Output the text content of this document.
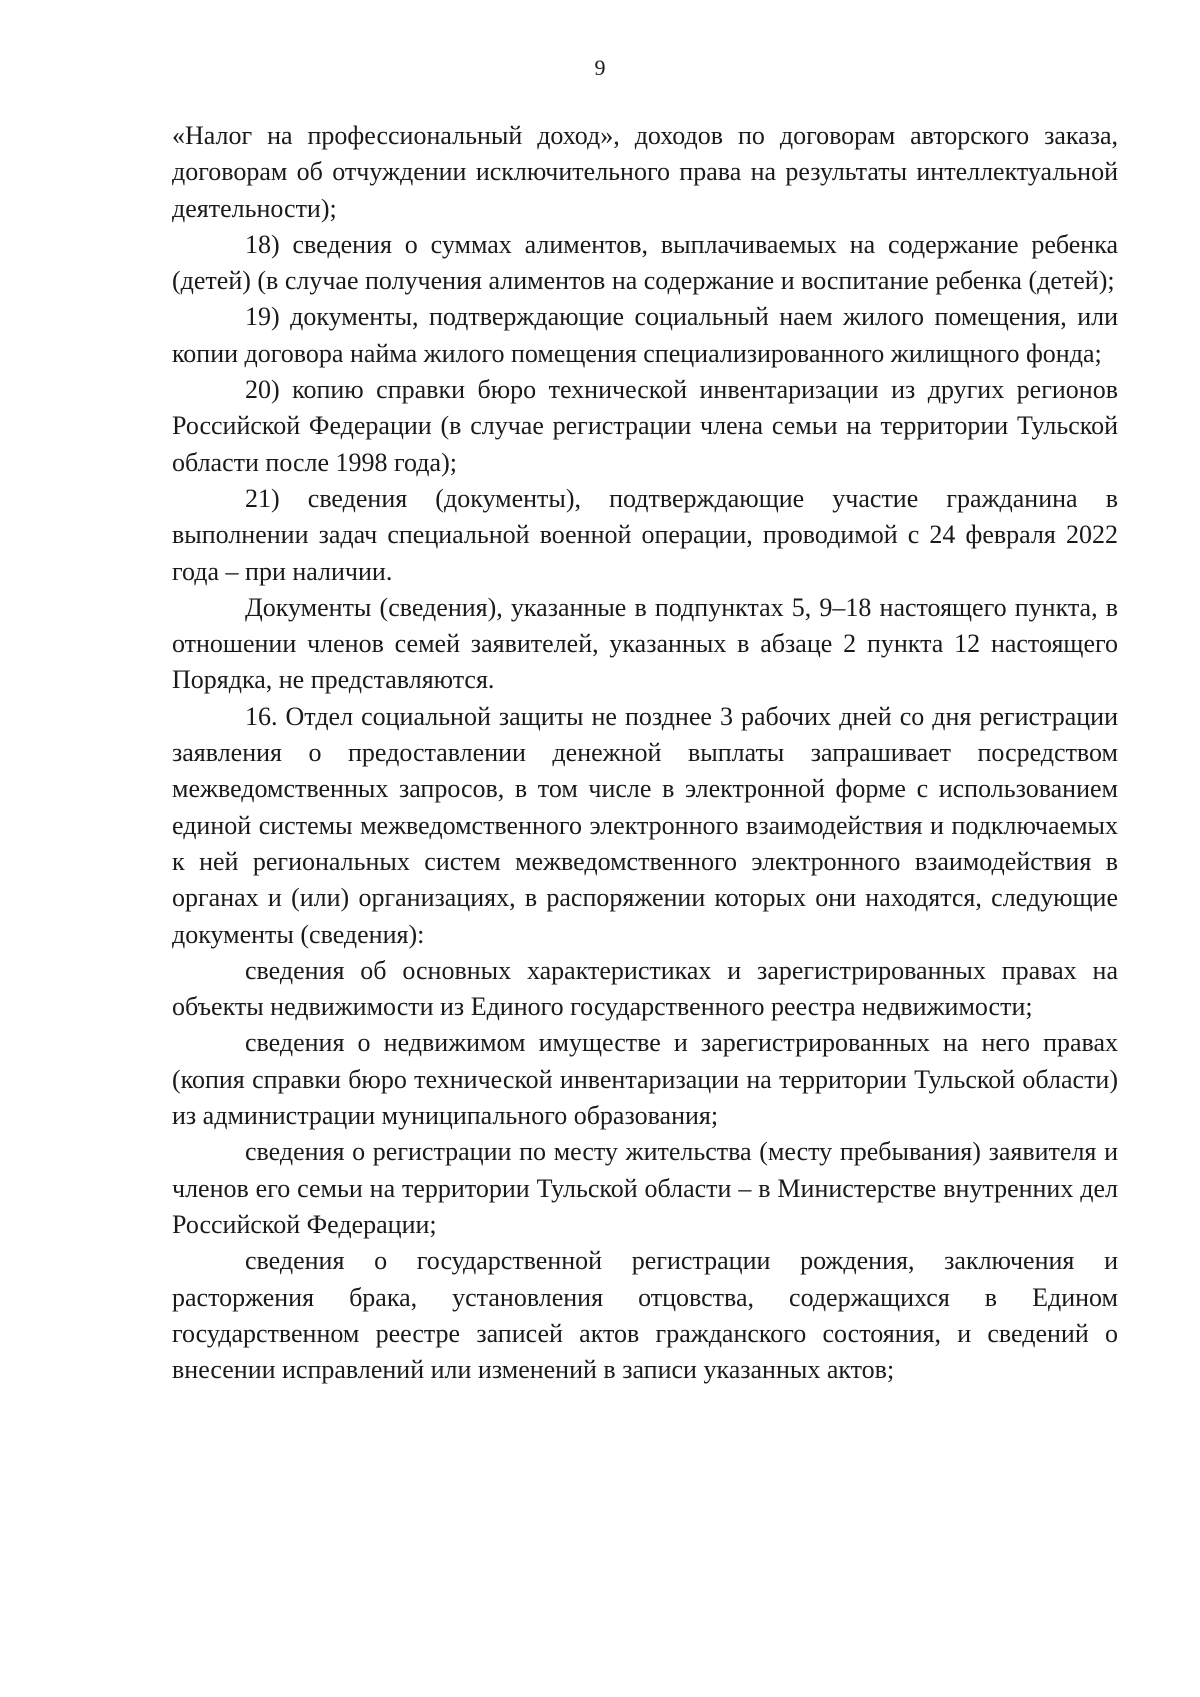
9

«Налог на профессиональный доход», доходов по договорам авторского заказа, договорам об отчуждении исключительного права на результаты интеллектуальной деятельности);

18) сведения о суммах алиментов, выплачиваемых на содержание ребенка (детей) (в случае получения алиментов на содержание и воспитание ребенка (детей);

19) документы, подтверждающие социальный наем жилого помещения, или копии договора найма жилого помещения специализированного жилищного фонда;

20) копию справки бюро технической инвентаризации из других регионов Российской Федерации (в случае регистрации члена семьи на территории Тульской области после 1998 года);

21) сведения (документы), подтверждающие участие гражданина в выполнении задач специальной военной операции, проводимой с 24 февраля 2022 года – при наличии.

Документы (сведения), указанные в подпунктах 5, 9–18 настоящего пункта, в отношении членов семей заявителей, указанных в абзаце 2 пункта 12 настоящего Порядка, не представляются.

16. Отдел социальной защиты не позднее 3 рабочих дней со дня регистрации заявления о предоставлении денежной выплаты запрашивает посредством межведомственных запросов, в том числе в электронной форме с использованием единой системы межведомственного электронного взаимодействия и подключаемых к ней региональных систем межведомственного электронного взаимодействия в органах и (или) организациях, в распоряжении которых они находятся, следующие документы (сведения):

сведения об основных характеристиках и зарегистрированных правах на объекты недвижимости из Единого государственного реестра недвижимости;

сведения о недвижимом имуществе и зарегистрированных на него правах (копия справки бюро технической инвентаризации на территории Тульской области) из администрации муниципального образования;

сведения о регистрации по месту жительства (месту пребывания) заявителя и членов его семьи на территории Тульской области – в Министерстве внутренних дел Российской Федерации;

сведения о государственной регистрации рождения, заключения и расторжения брака, установления отцовства, содержащихся в Едином государственном реестре записей актов гражданского состояния, и сведений о внесении исправлений или изменений в записи указанных актов;
